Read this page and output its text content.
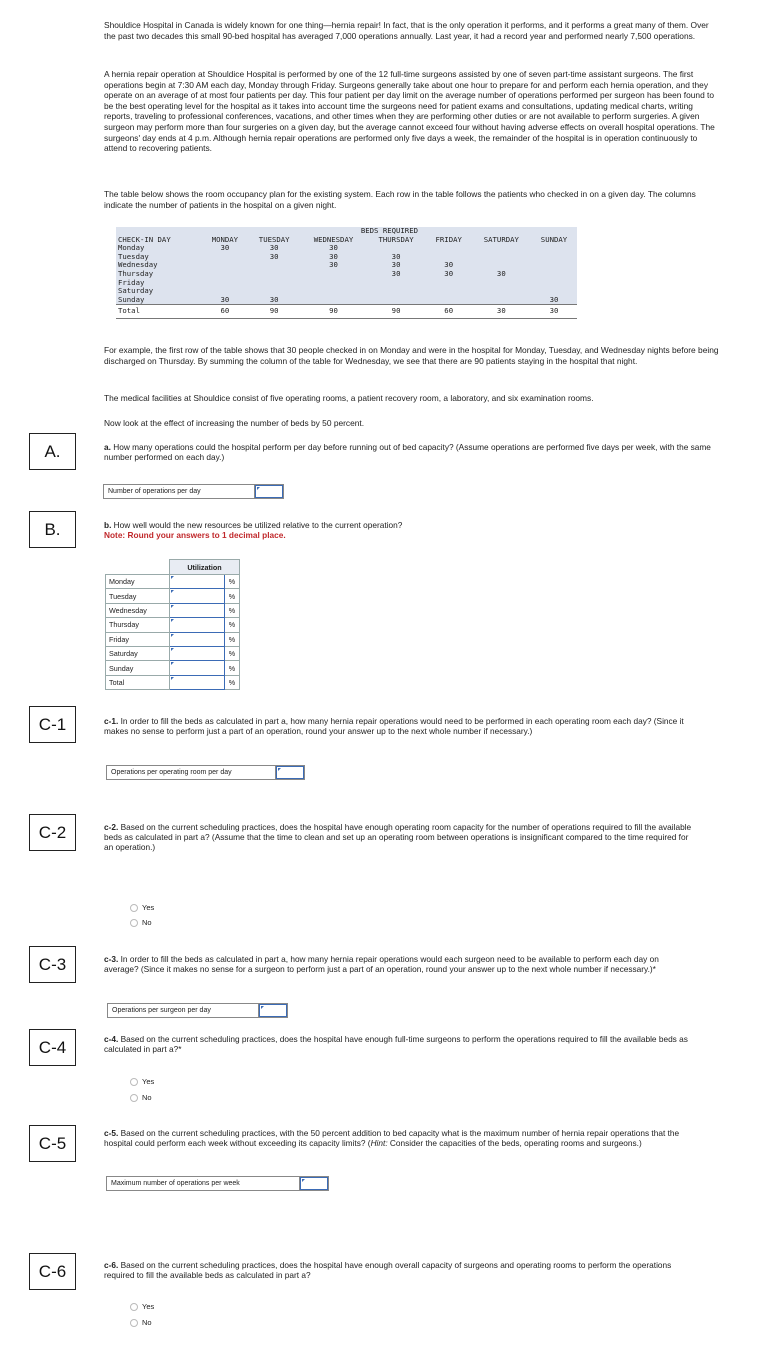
Shouldice Hospital in Canada is widely known for one thing—hernia repair! In fact, that is the only operation it performs, and it performs a great many of them. Over the past two decades this small 90-bed hospital has averaged 7,000 operations annually. Last year, it had a record year and performed nearly 7,500 operations.

A hernia repair operation at Shouldice Hospital is performed by one of the 12 full-time surgeons assisted by one of seven part-time assistant surgeons. The first operations begin at 7:30 AM each day, Monday through Friday. Surgeons generally take about one hour to prepare for and perform each hernia operation, and they operate on an average of at most four patients per day. This four patient per day limit on the average number of operations performed per surgeon has been found to be the best operating level for the hospital as it takes into account time the surgeons need for patient exams and consultations, updating medical charts, writing reports, traveling to professional conferences, vacations, and other times when they are performing other duties or are not available to perform surgeries. A given surgeon may perform more than four surgeries on a given day, but the average cannot exceed four without having adverse effects on overall hospital operations. The surgeons' day ends at 4 p.m. Although hernia repair operations are performed only five days a week, the remainder of the hospital is in operation continuously to attend to recovering patients.

The table below shows the room occupancy plan for the existing system. Each row in the table follows the patients who checked in on a given day. The columns indicate the number of patients in the hospital on a given night.

	BEDS REQUIRED						
CHECK-IN DAY	MONDAY	TUESDAY	WEDNESDAY	THURSDAY	FRIDAY	SATURDAY	SUNDAY
Monday	30	30	30				
Tuesday		30	30	30			
Wednesday			30	30	30		
Thursday				30	30	30	
Friday							
Saturday							
Sunday	30	30					30
Total	60	90	90	90	60	30	30

For example, the first row of the table shows that 30 people checked in on Monday and were in the hospital for Monday, Tuesday, and Wednesday nights before being discharged on Thursday. By summing the column of the table for Wednesday, we see that there are 90 patients staying in the hospital that night.

The medical facilities at Shouldice consist of five operating rooms, a patient recovery room, a laboratory, and six examination rooms.

Now look at the effect of increasing the number of beds by 50 percent.

A.
B.
C-1
C-2
C-3
C-4
C-5
C-6

a. How many operations could the hospital perform per day before running out of bed capacity? (Assume operations are performed five days per week, with the same number performed on each day.)

Number of operations per day

b. How well would the new resources be utilized relative to the current operation?
Note: Round your answers to 1 decimal place.

	Utilization	
Monday		%
Tuesday		%
Wednesday		%
Thursday		%
Friday		%
Saturday		%
Sunday		%
Total		%

c-1. In order to fill the beds as calculated in part a, how many hernia repair operations would need to be performed in each operating room each day? (Since it makes no sense to perform just a part of an operation, round your answer up to the next whole number if necessary.)

Operations per operating room per day

c-2. Based on the current scheduling practices, does the hospital have enough operating room capacity for the number of operations required to fill the available beds as calculated in part a? (Assume that the time to clean and set up an operating room between operations is insignificant compared to the time required for an operation.)

Yes
No

c-3. In order to fill the beds as calculated in part a, how many hernia repair operations would each surgeon need to be available to perform each day on average? (Since it makes no sense for a surgeon to perform just a part of an operation, round your answer up to the next whole number if necessary.)*

Operations per surgeon per day

c-4. Based on the current scheduling practices, does the hospital have enough full-time surgeons to perform the operations required to fill the available beds as calculated in part a?*

Yes
No

c-5. Based on the current scheduling practices, with the 50 percent addition to bed capacity what is the maximum number of hernia repair operations that the hospital could perform each week without exceeding its capacity limits? (Hint: Consider the capacities of the beds, operating rooms and surgeons.)

Maximum number of operations per week

c-6. Based on the current scheduling practices, does the hospital have enough overall capacity of surgeons and operating rooms to perform the operations required to fill the available beds as calculated in part a?

Yes
No
